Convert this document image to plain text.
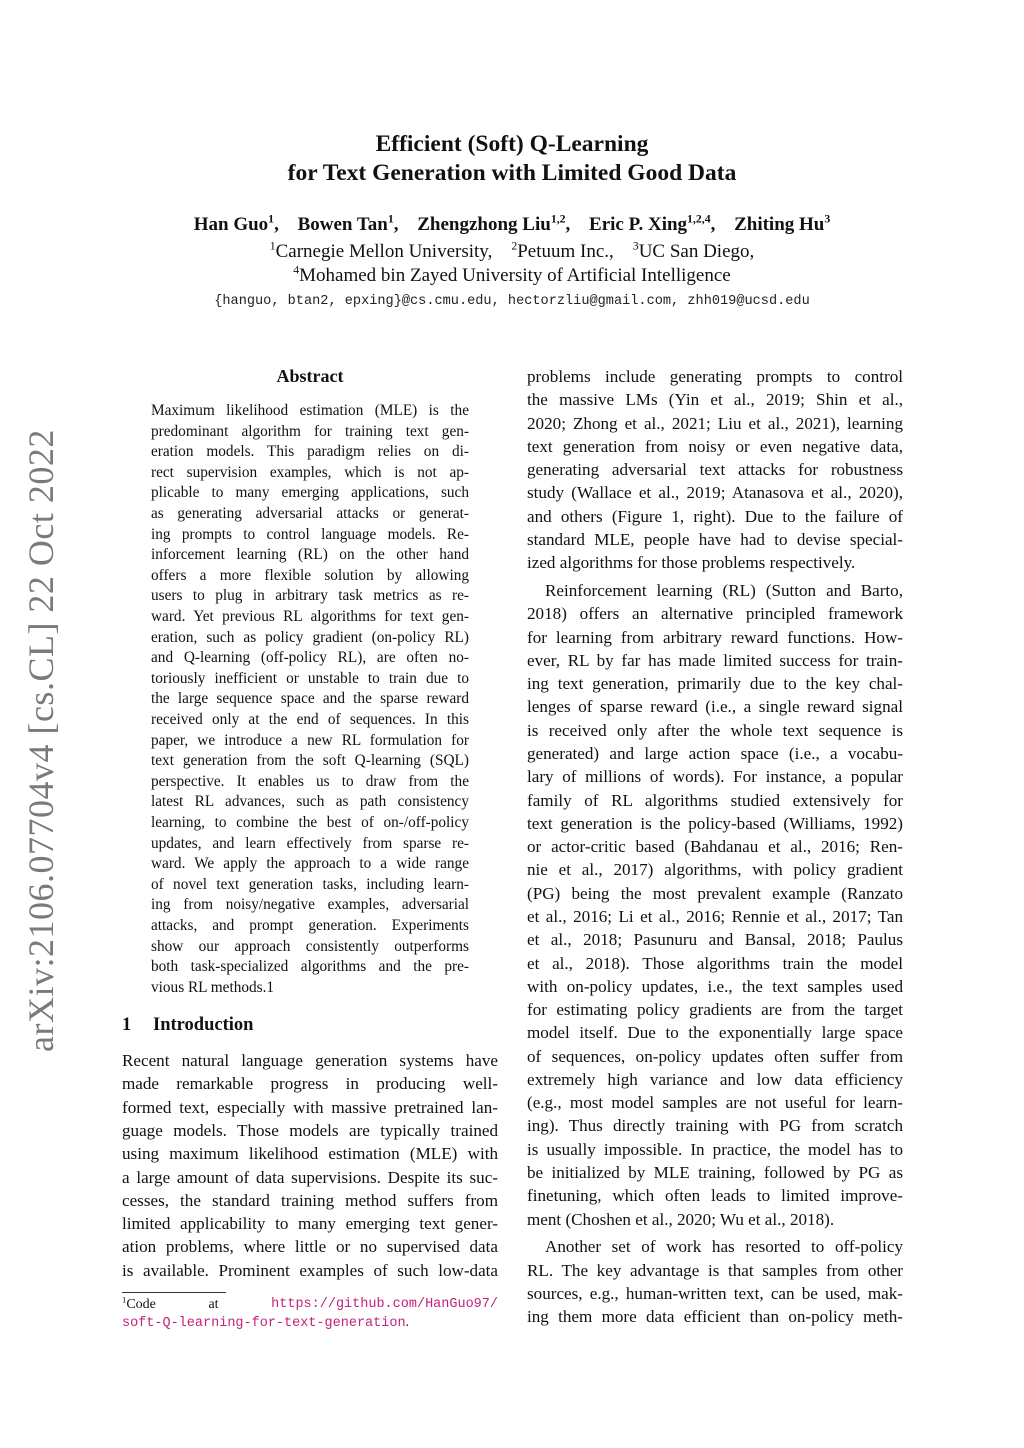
arXiv:2106.07704v4 [cs.CL] 22 Oct 2022
Efficient (Soft) Q-Learning
for Text Generation with Limited Good Data
Han Guo$^1$, Bowen Tan$^1$, Zhengzhong Liu$^{1,2}$, Eric P. Xing$^{1,2,4}$, Zhiting Hu$^3$
$^1$Carnegie Mellon University, $^2$Petuum Inc., $^3$UC San Diego,
$^4$Mohamed bin Zayed University of Artificial Intelligence
{hanguo, btan2, epxing}@cs.cmu.edu, hectorzliu@gmail.com, zhh019@ucsd.edu
Abstract
Maximum likelihood estimation (MLE) is the
predominant algorithm for training text gen-
eration models. This paradigm relies on di-
rect supervision examples, which is not ap-
plicable to many emerging applications, such
as generating adversarial attacks or generat-
ing prompts to control language models. Re-
inforcement learning (RL) on the other hand
offers a more flexible solution by allowing
users to plug in arbitrary task metrics as re-
ward. Yet previous RL algorithms for text gen-
eration, such as policy gradient (on-policy RL)
and Q-learning (off-policy RL), are often no-
toriously inefficient or unstable to train due to
the large sequence space and the sparse reward
received only at the end of sequences. In this
paper, we introduce a new RL formulation for
text generation from the soft Q-learning (SQL)
perspective. It enables us to draw from the
latest RL advances, such as path consistency
learning, to combine the best of on-/off-policy
updates, and learn effectively from sparse re-
ward. We apply the approach to a wide range
of novel text generation tasks, including learn-
ing from noisy/negative examples, adversarial
attacks, and prompt generation. Experiments
show our approach consistently outperforms
both task-specialized algorithms and the pre-
vious RL methods.1
1 Introduction
Recent natural language generation systems have
made remarkable progress in producing well-
formed text, especially with massive pretrained lan-
guage models. Those models are typically trained
using maximum likelihood estimation (MLE) with
a large amount of data supervisions. Despite its suc-
cesses, the standard training method suffers from
limited applicability to many emerging text gener-
ation problems, where little or no supervised data
is available. Prominent examples of such low-data
$^1$Code	at	https://github.com/HanGuo97/
soft-Q-learning-for-text-generation.
problems include generating prompts to control
the massive LMs (Yin et al., 2019; Shin et al.,
2020; Zhong et al., 2021; Liu et al., 2021), learning
text generation from noisy or even negative data,
generating adversarial text attacks for robustness
study (Wallace et al., 2019; Atanasova et al., 2020),
and others (Figure 1, right). Due to the failure of
standard MLE, people have had to devise special-
ized algorithms for those problems respectively.
Reinforcement learning (RL) (Sutton and Barto,
2018) offers an alternative principled framework
for learning from arbitrary reward functions. How-
ever, RL by far has made limited success for train-
ing text generation, primarily due to the key chal-
lenges of sparse reward (i.e., a single reward signal
is received only after the whole text sequence is
generated) and large action space (i.e., a vocabu-
lary of millions of words). For instance, a popular
family of RL algorithms studied extensively for
text generation is the policy-based (Williams, 1992)
or actor-critic based (Bahdanau et al., 2016; Ren-
nie et al., 2017) algorithms, with policy gradient
(PG) being the most prevalent example (Ranzato
et al., 2016; Li et al., 2016; Rennie et al., 2017; Tan
et al., 2018; Pasunuru and Bansal, 2018; Paulus
et al., 2018). Those algorithms train the model
with on-policy updates, i.e., the text samples used
for estimating policy gradients are from the target
model itself. Due to the exponentially large space
of sequences, on-policy updates often suffer from
extremely high variance and low data efficiency
(e.g., most model samples are not useful for learn-
ing). Thus directly training with PG from scratch
is usually impossible. In practice, the model has to
be initialized by MLE training, followed by PG as
finetuning, which often leads to limited improve-
ment (Choshen et al., 2020; Wu et al., 2018).
Another set of work has resorted to off-policy
RL. The key advantage is that samples from other
sources, e.g., human-written text, can be used, mak-
ing them more data efficient than on-policy meth-
